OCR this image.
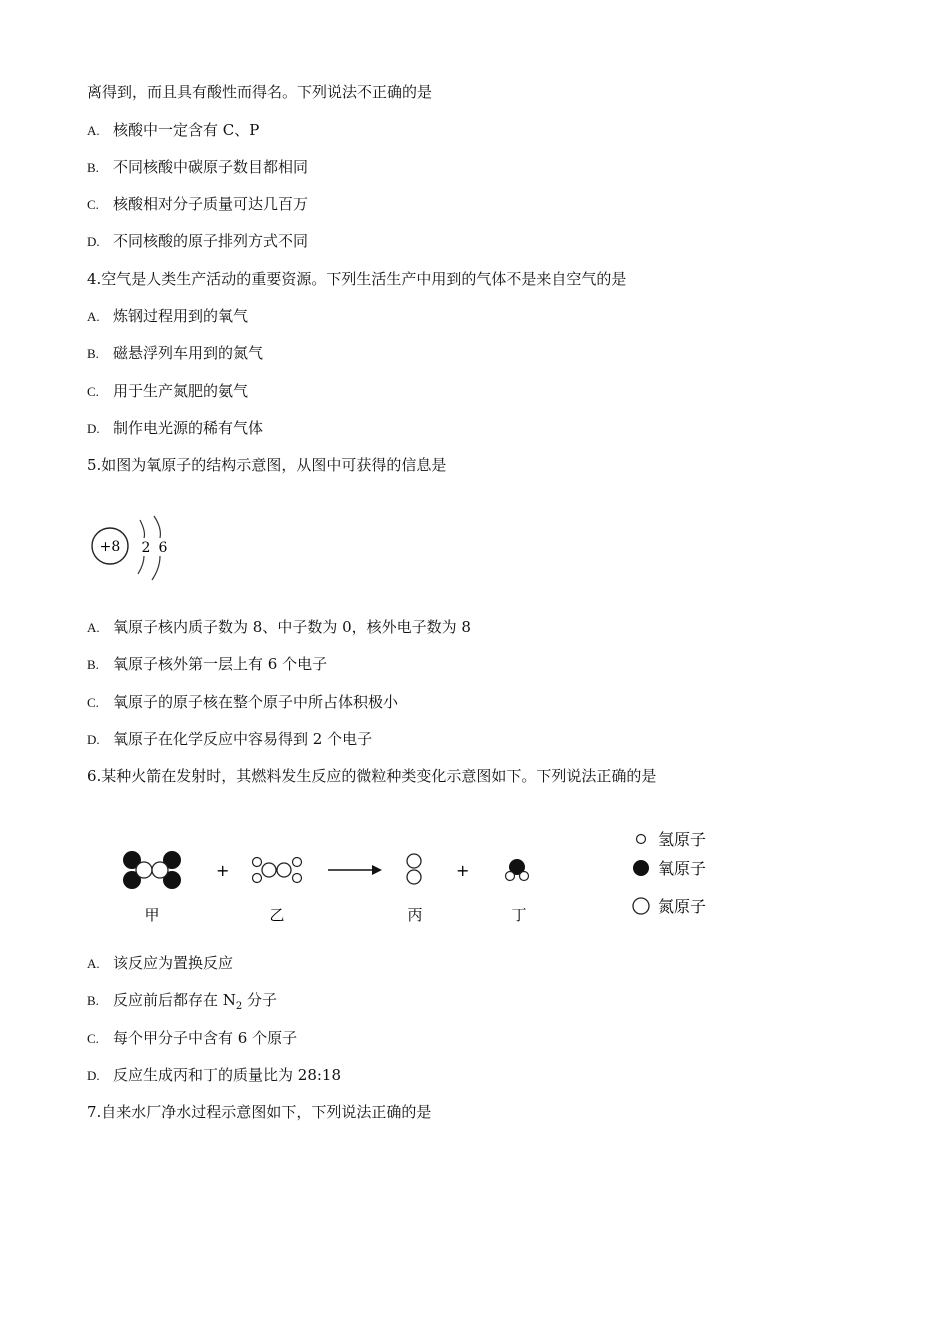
离得到，而且具有酸性而得名。下列说法不正确的是
A. 核酸中一定含有 C、P
B. 不同核酸中碳原子数目都相同
C. 核酸相对分子质量可达几百万
D. 不同核酸的原子排列方式不同
4.空气是人类生产活动的重要资源。下列生活生产中用到的气体不是来自空气的是
A. 炼钢过程用到的氧气
B. 磁悬浮列车用到的氮气
C. 用于生产氮肥的氨气
D. 制作电光源的稀有气体
5.如图为氧原子的结构示意图，从图中可获得的信息是
+8 2 6
A. 氧原子核内质子数为 8、中子数为 0，核外电子数为 8
B. 氧原子核外第一层上有 6 个电子
C. 氧原子的原子核在整个原子中所占体积极小
D. 氧原子在化学反应中容易得到 2 个电子
6.某种火箭在发射时，其燃料发生反应的微粒种类变化示意图如下。下列说法正确的是
+	+
甲	乙	丙	丁
氢原子
氧原子
氮原子
A. 该反应为置换反应
B. 反应前后都存在 $N_2$ 分子
C. 每个甲分子中含有 6 个原子
D. 反应生成丙和丁的质量比为 28:18
7.自来水厂净水过程示意图如下，下列说法正确的是
